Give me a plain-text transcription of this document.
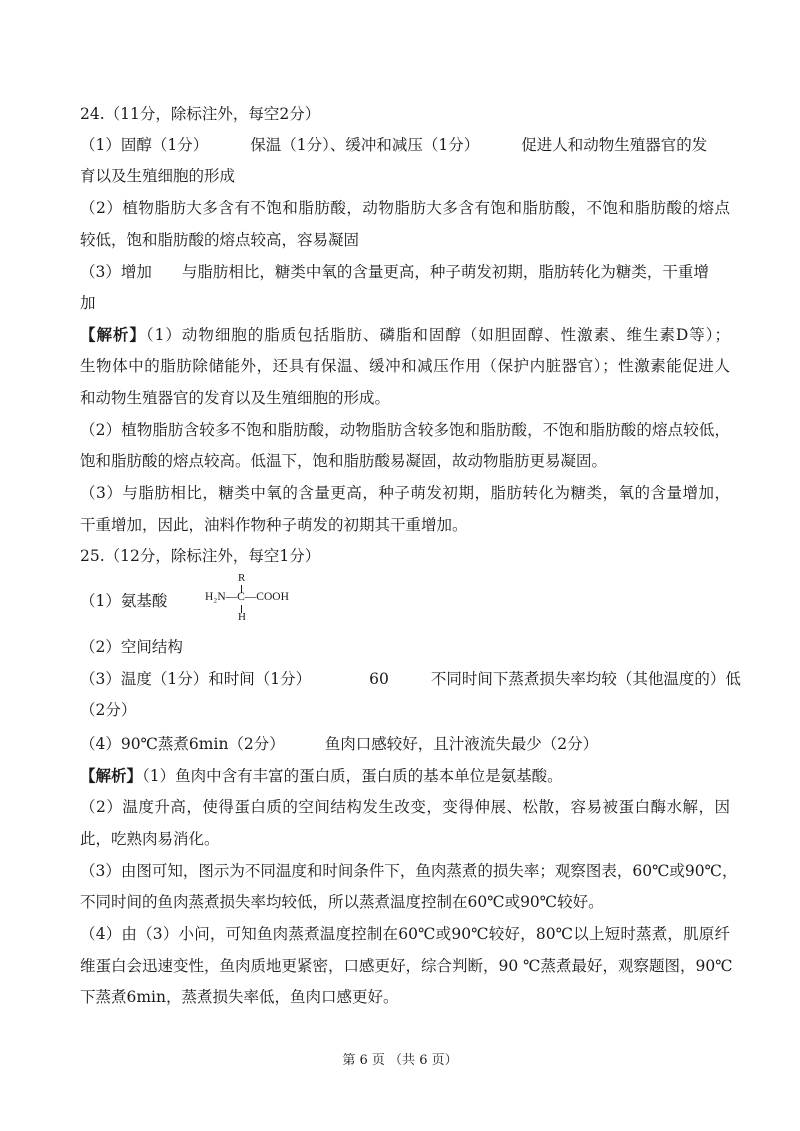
24.（11分，除标注外，每空2分）
（1）固醇（1分）	保温（1分）、缓冲和减压（1分）	促进人和动物生殖器官的发
育以及生殖细胞的形成
（2）植物脂肪大多含有不饱和脂肪酸，动物脂肪大多含有饱和脂肪酸，不饱和脂肪酸的熔点
较低，饱和脂肪酸的熔点较高，容易凝固
（3）增加 与脂肪相比，糖类中氧的含量更高，种子萌发初期，脂肪转化为糖类，干重增
加
【解析】（1）动物细胞的脂质包括脂肪、磷脂和固醇（如胆固醇、性激素、维生素D等）；
生物体中的脂肪除储能外，还具有保温、缓冲和减压作用（保护内脏器官）；性激素能促进人
和动物生殖器官的发育以及生殖细胞的形成。
（2）植物脂肪含较多不饱和脂肪酸，动物脂肪含较多饱和脂肪酸，不饱和脂肪酸的熔点较低，
饱和脂肪酸的熔点较高。低温下，饱和脂肪酸易凝固，故动物脂肪更易凝固。
（3）与脂肪相比，糖类中氧的含量更高，种子萌发初期，脂肪转化为糖类，氧的含量增加，
干重增加，因此，油料作物种子萌发的初期其干重增加。
25.（12分，除标注外，每空1分）
（1）氨基酸
R
H₂N—C—COOH
H
（2）空间结构
（3）温度（1分）和时间（1分）	60	不同时间下蒸煮损失率均较（其他温度的）低
（2分）
（4）90℃蒸煮6min（2分）	鱼肉口感较好，且汁液流失最少（2分）
【解析】（1）鱼肉中含有丰富的蛋白质，蛋白质的基本单位是氨基酸。
（2）温度升高，使得蛋白质的空间结构发生改变，变得伸展、松散，容易被蛋白酶水解，因
此，吃熟肉易消化。
（3）由图可知，图示为不同温度和时间条件下，鱼肉蒸煮的损失率；观察图表，60℃或90℃，
不同时间的鱼肉蒸煮损失率均较低，所以蒸煮温度控制在60℃或90℃较好。
（4）由（3）小问，可知鱼肉蒸煮温度控制在60℃或90℃较好，80℃以上短时蒸煮，肌原纤
维蛋白会迅速变性，鱼肉质地更紧密，口感更好，综合判断，90 ℃蒸煮最好，观察题图，90℃
下蒸煮6min，蒸煮损失率低，鱼肉口感更好。
第 6 页 （共 6 页）
